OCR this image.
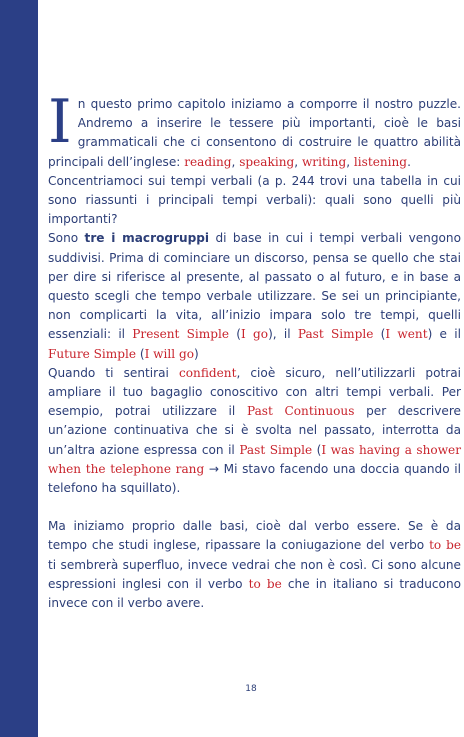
In questo primo capitolo iniziamo a comporre il nostro puzzle. Andremo a inserire le tessere più importanti, cioè le basi grammaticali che ci consentono di costruire le quattro abilità principali dell’inglese: reading, speaking, writing, listening.

Concentriamoci sui tempi verbali (a p. 244 trovi una tabella in cui sono riassunti i principali tempi verbali): quali sono quelli più importanti?

Sono tre i macrogruppi di base in cui i tempi verbali vengono suddivisi. Prima di cominciare un discorso, pensa se quello che stai per dire si riferisce al presente, al passato o al futuro, e in base a questo scegli che tempo verbale utilizzare. Se sei un principiante, non complicarti la vita, all’inizio impara solo tre tempi, quelli essenziali: il Present Simple (I go), il Past Simple (I went) e il Future Simple (I will go)

Quando ti sentirai confident, cioè sicuro, nell’utilizzarli potrai ampliare il tuo bagaglio conoscitivo con altri tempi verbali. Per esempio, potrai utilizzare il Past Continuous per descrivere un’azione continuativa che si è svolta nel passato, interrotta da un’altra azione espressa con il Past Simple (I was having a shower when the telephone rang → Mi stavo facendo una doccia quando il telefono ha squillato).

Ma iniziamo proprio dalle basi, cioè dal verbo essere. Se è da tempo che studi inglese, ripassare la coniugazione del verbo to be ti sembrerà superfluo, invece vedrai che non è così. Ci sono alcune espressioni inglesi con il verbo to be che in italiano si traducono invece con il verbo avere.

18
